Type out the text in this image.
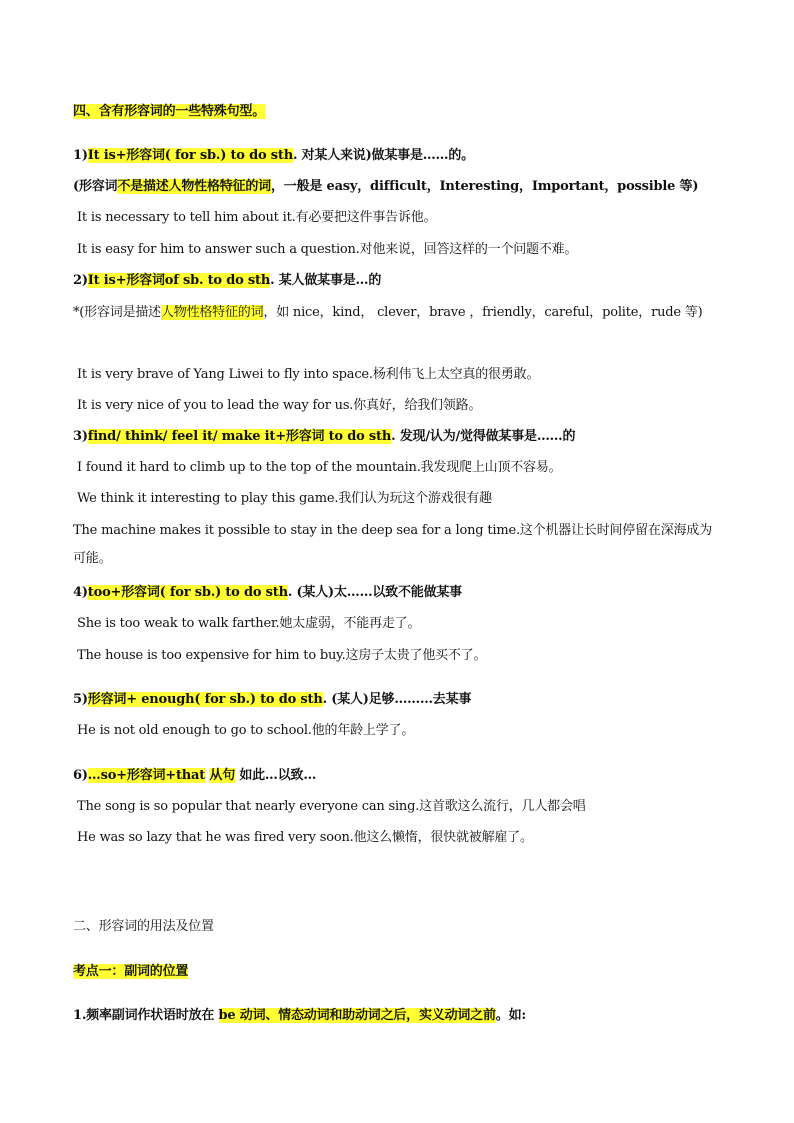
四、含有形容词的一些特殊句型。
1)It is+形容词( for sb.) to do sth. 对某人来说)做某事是……的。
(形容词不是描述人物性格特征的词，一般是 easy，difficult，Interesting，Important，possible 等)
It is necessary to tell him about it.有必要把这件事告诉他。
It is easy for him to answer such a question.对他来说，回答这样的一个问题不难。
2)It is+形容词of sb. to do sth. 某人做某事是…的
*(形容词是描述人物性格特征的词，如 nice，kind， clever，brave ，friendly，careful，polite，rude 等)
It is very brave of Yang Liwei to fly into space.杨利伟飞上太空真的很勇敢。
It is very nice of you to lead the way for us.你真好，给我们领路。
3)find/ think/ feel it/ make it+形容词 to do sth. 发现/认为/觉得做某事是……的
I found it hard to climb up to the top of the mountain.我发现爬上山顶不容易。
We think it interesting to play this game.我们认为玩这个游戏很有趣
The machine makes it possible to stay in the deep sea for a long time.这个机器让长时间停留在深海成为可能。
4)too+形容词( for sb.) to do sth. (某人)太……以致不能做某事
She is too weak to walk farther.她太虚弱，不能再走了。
The house is too expensive for him to buy.这房子太贵了他买不了。
5)形容词+ enough( for sb.) to do sth. (某人)足够………去某事
He is not old enough to go to school.他的年龄上学了。
6)…so+形容词+that 从句 如此…以致…
The song is so popular that nearly everyone can sing.这首歌这么流行，几人都会唱
He was so lazy that he was fired very soon.他这么懒惰，很快就被解雇了。
二、形容词的用法及位置
考点一：副词的位置
1.频率副词作状语时放在 be 动词、情态动词和助动词之后，实义动词之前。如:
